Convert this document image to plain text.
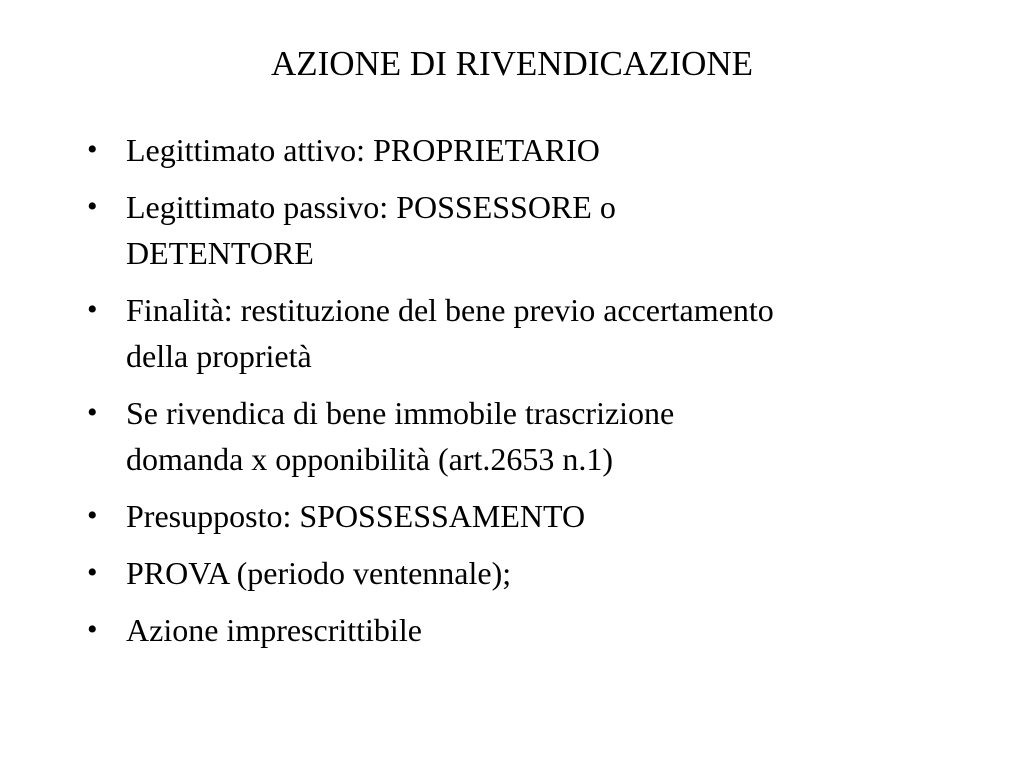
AZIONE DI RIVENDICAZIONE
• Legittimato attivo: PROPRIETARIO
• Legittimato passivo: POSSESSORE o
DETENTORE
• Finalità: restituzione del bene previo accertamento
della proprietà
• Se rivendica di bene immobile trascrizione
domanda x opponibilità (art.2653 n.1)
• Presupposto: SPOSSESSAMENTO
• PROVA (periodo ventennale);
• Azione imprescrittibile
